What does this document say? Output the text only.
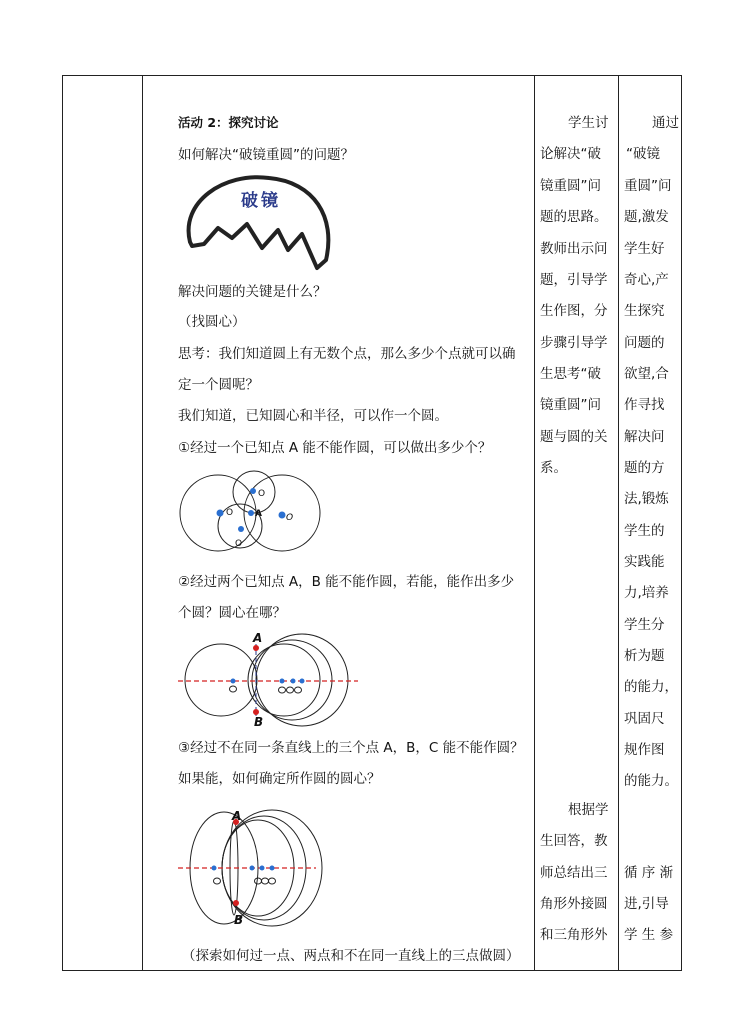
活动 2：探究讨论
如何解决“破镜重圆”的问题？
破镜
解决问题的关键是什么？
（找圆心）
思考：我们知道圆上有无数个点，那么多少个点就可以确
定一个圆呢？
我们知道，已知圆心和半径，可以作一个圆。
①经过一个已知点 A 能不能作圆，可以做出多少个？
O
O
O
O
A
②经过两个已知点 A，B 能不能作圆，若能，能作出多少
个圆？圆心在哪？
A
B
③经过不在同一条直线上的三个点 A，B，C 能不能作圆？
如果能，如何确定所作圆的圆心？
A
B
（探索如何过一点、两点和不在同一直线上的三点做圆）
学生讨
论解决“破
镜重圆”问
题的思路。
教师出示问
题，引导学
生作图，分
步骤引导学
生思考“破
镜重圆”问
题与圆的关
系。
根据学
生回答，教
师总结出三
角形外接圆
和三角形外
通过
“破镜
重圆”问
题,激发
学生好
奇心,产
生探究
问题的
欲望,合
作寻找
解决问
题的方
法,锻炼
学生的
实践能
力,培养
学生分
析为题
的能力，
巩固尺
规作图
的能力。
循 序 渐
进,引导
学 生 参
